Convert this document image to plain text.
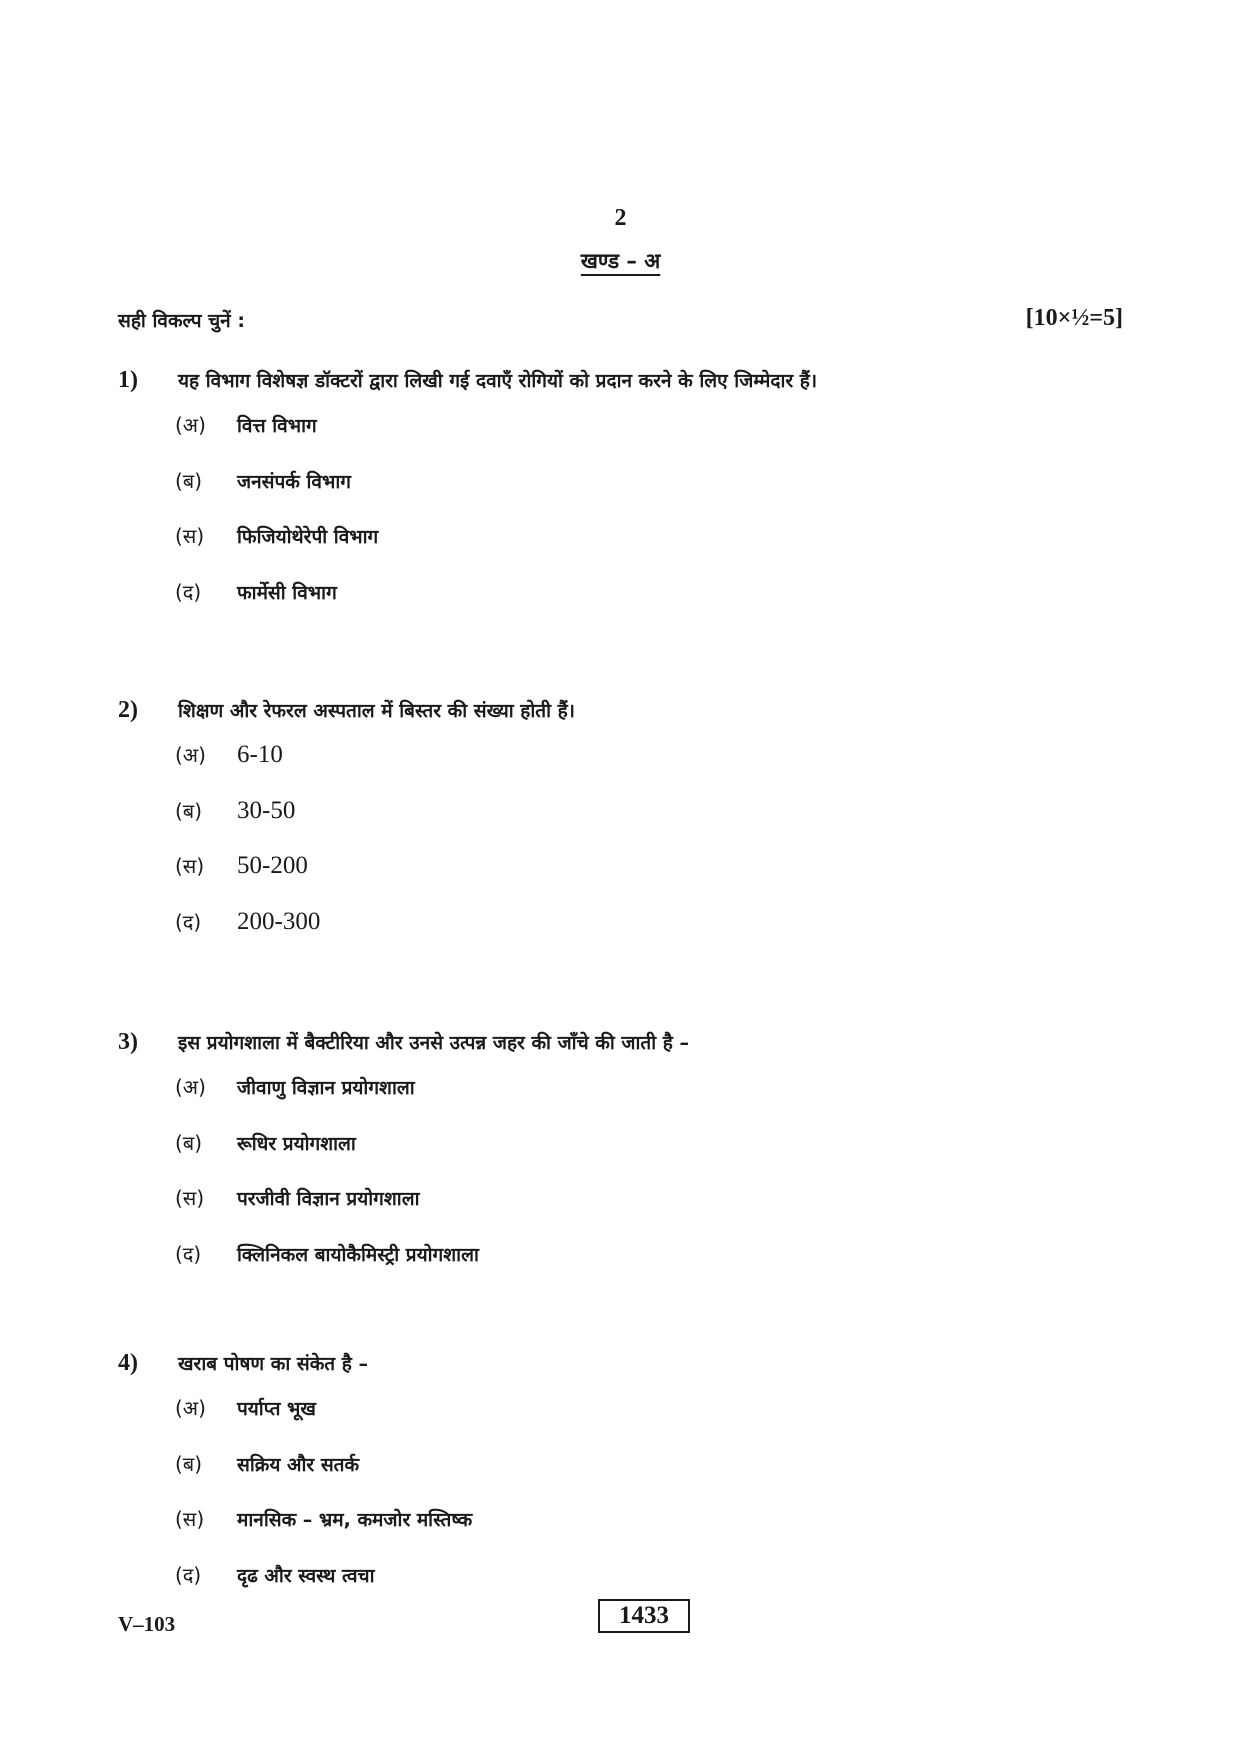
2
खण्ड – अ
सही विकल्प चुनें :	[10×½=5]
1)	यह विभाग विशेषज्ञ डॉक्टरों द्वारा लिखी गई दवाएँ रोगियों को प्रदान करने के लिए जिम्मेदार हैं।
(अ)	वित्त विभाग
(ब)	जनसंपर्क विभाग
(स)	फिजियोथेरेपी विभाग
(द)	फार्मेसी विभाग
2)	शिक्षण और रेफरल अस्पताल में बिस्तर की संख्या होती हैं।
(अ)	6-10
(ब)	30-50
(स)	50-200
(द)	200-300
3)	इस प्रयोगशाला में बैक्टीरिया और उनसे उत्पन्न जहर की जाँचे की जाती है –
(अ)	जीवाणु विज्ञान प्रयोगशाला
(ब)	रूधिर प्रयोगशाला
(स)	परजीवी विज्ञान प्रयोगशाला
(द)	क्लिनिकल बायोकैमिस्ट्री प्रयोगशाला
4)	खराब पोषण का संकेत है –
(अ)	पर्याप्त भूख
(ब)	सक्रिय और सतर्क
(स)	मानसिक – भ्रम, कमजोर मस्तिष्क
(द)	दृढ और स्वस्थ त्वचा
V–103	1433
